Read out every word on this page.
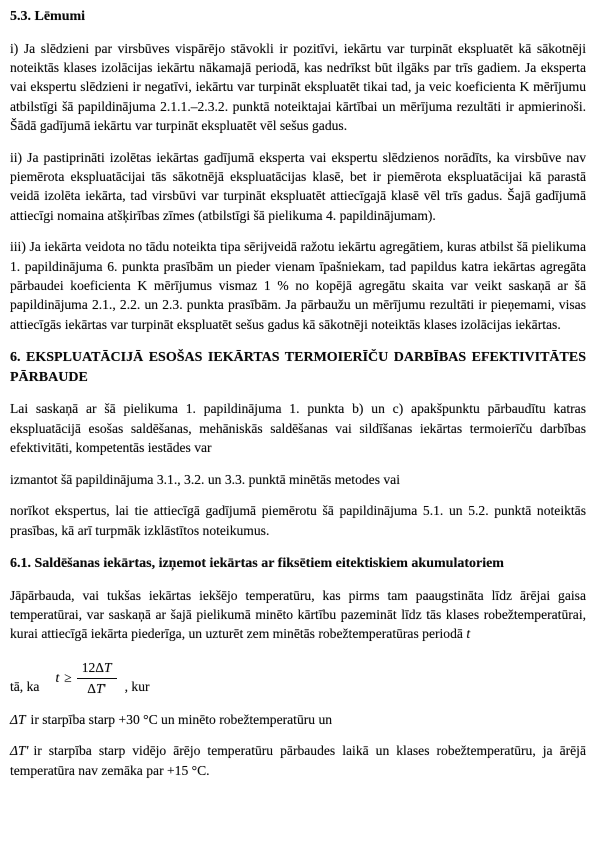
5.3. Lēmumi
i) Ja slēdzieni par virsbūves vispārējo stāvokli ir pozitīvi, iekārtu var turpināt ekspluatēt kā sākotnēji noteiktās klases izolācijas iekārtu nākamajā periodā, kas nedrīkst būt ilgāks par trīs gadiem. Ja eksperta vai ekspertu slēdzieni ir negatīvi, iekārtu var turpināt ekspluatēt tikai tad, ja veic koeficienta K mērījumu atbilstīgi šā papildinājuma 2.1.1.–2.3.2. punktā noteiktajai kārtībai un mērījuma rezultāti ir apmierinoši. Šādā gadījumā iekārtu var turpināt ekspluatēt vēl sešus gadus.
ii) Ja pastiprināti izolētas iekārtas gadījumā eksperta vai ekspertu slēdzienos norādīts, ka virsbūve nav piemērota ekspluatācijai tās sākotnējā ekspluatācijas klasē, bet ir piemērota ekspluatācijai kā parastā veidā izolēta iekārta, tad virsbūvi var turpināt ekspluatēt attiecīgajā klasē vēl trīs gadus. Šajā gadījumā attiecīgi nomaina atšķirības zīmes (atbilstīgi šā pielikuma 4. papildinājumam).
iii) Ja iekārta veidota no tādu noteikta tipa sērijveidā ražotu iekārtu agregātiem, kuras atbilst šā pielikuma 1. papildinājuma 6. punkta prasībām un pieder vienam īpašniekam, tad papildus katra iekārtas agregāta pārbaudei koeficienta K mērījumus vismaz 1 % no kopējā agregātu skaita var veikt saskaņā ar šā papildinājuma 2.1., 2.2. un 2.3. punkta prasībām. Ja pārbaužu un mērījumu rezultāti ir pieņemami, visas attiecīgās iekārtas var turpināt ekspluatēt sešus gadus kā sākotnēji noteiktās klases izolācijas iekārtas.
6. EKSPLUATĀCIJĀ ESOŠAS IEKĀRTAS TERMOIERĪČU DARBĪBAS EFEKTIVITĀTES PĀRBAUDE
Lai saskaņā ar šā pielikuma 1. papildinājuma 1. punkta b) un c) apakšpunktu pārbaudītu katras ekspluatācijā esošas saldēšanas, mehāniskās saldēšanas vai sildīšanas iekārtas termoierīču darbības efektivitāti, kompetentās iestādes var
izmantot šā papildinājuma 3.1., 3.2. un 3.3. punktā minētās metodes vai
norīkot ekspertus, lai tie attiecīgā gadījumā piemērotu šā papildinājuma 5.1. un 5.2. punktā noteiktās prasības, kā arī turpmāk izklāstītos noteikumus.
6.1. Saldēšanas iekārtas, izņemot iekārtas ar fiksētiem eitektiskiem akumulatoriem
Jāpārbauda, vai tukšas iekārtas iekšējo temperatūru, kas pirms tam paaugstināta līdz ārējai gaisa temperatūrai, var saskaņā ar šajā pielikumā minēto kārtību pazemināt līdz tās klases robežtemperatūrai, kurai attiecīgā iekārta piederīga, un uzturēt zem minētās robežtemperatūras periodā t
tā, ka
$t \ge \frac{12\Delta T}{\Delta T'}$ , kur
ΔT ir starpība starp +30 °C un minēto robežtemperatūru un
ΔT' ir starpība starp vidējo ārējo temperatūru pārbaudes laikā un klases robežtemperatūru, ja ārējā temperatūra nav zemāka par +15 °C.
